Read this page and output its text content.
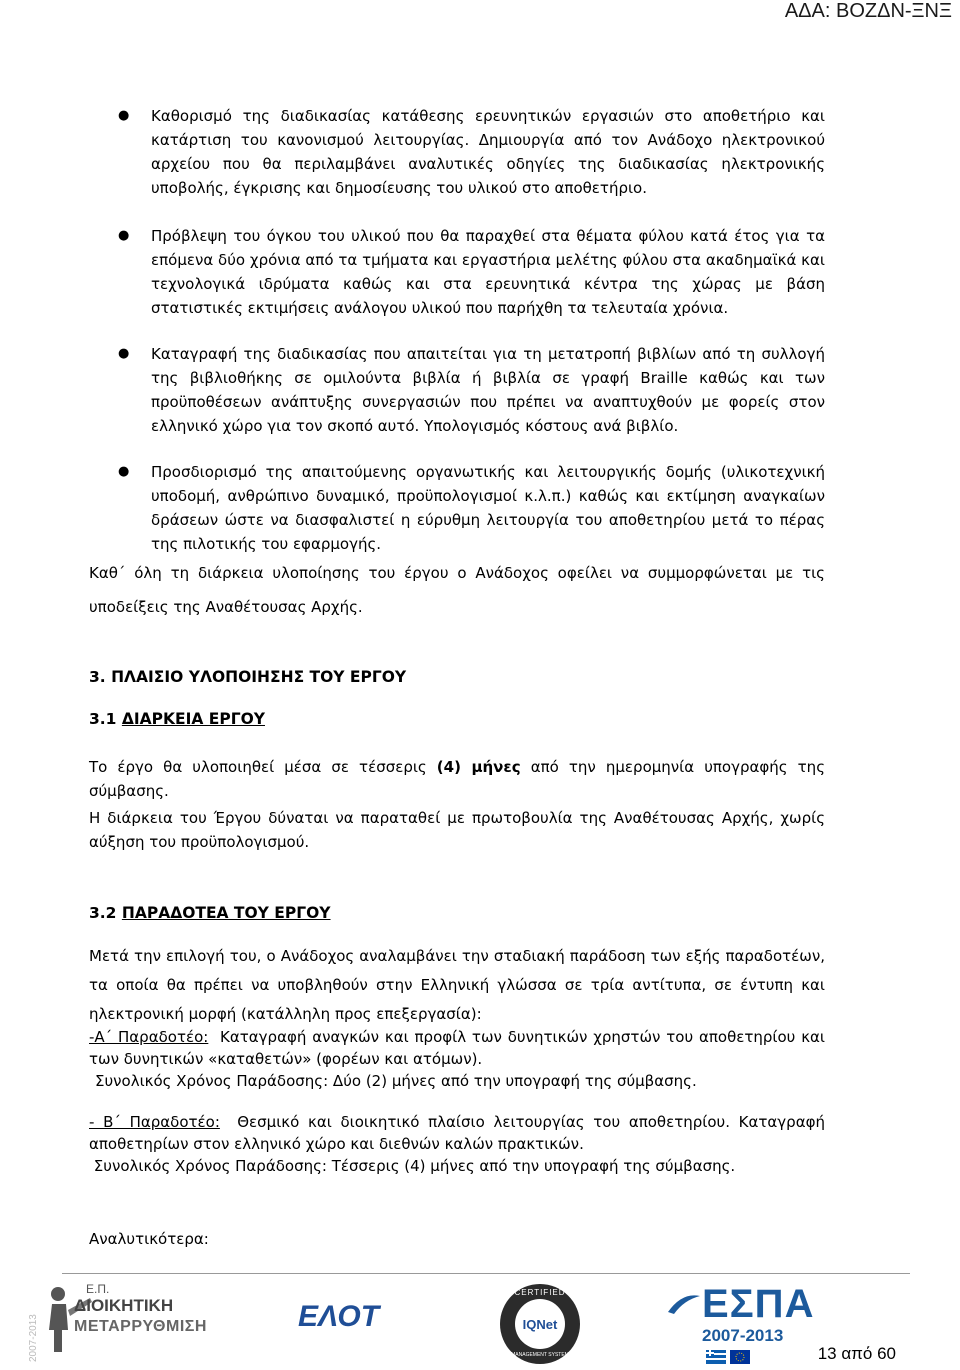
ΑΔΑ: ΒΟΖΔΝ-ΞΝΞ
● Καθορισμό της διαδικασίας κατάθεσης ερευνητικών εργασιών στο αποθετήριο και κατάρτιση του κανονισμού λειτουργίας. Δημιουργία από τον Ανάδοχο ηλεκτρονικού αρχείου που θα περιλαμβάνει αναλυτικές οδηγίες της διαδικασίας ηλεκτρονικής υποβολής, έγκρισης και δημοσίευσης του υλικού στο αποθετήριο.
● Πρόβλεψη του όγκου του υλικού που θα παραχθεί στα θέματα φύλου κατά έτος για τα επόμενα δύο χρόνια από τα τμήματα και εργαστήρια μελέτης φύλου στα ακαδημαϊκά και τεχνολογικά ιδρύματα καθώς και στα ερευνητικά κέντρα της χώρας με βάση στατιστικές εκτιμήσεις ανάλογου υλικού που παρήχθη τα τελευταία χρόνια.
● Καταγραφή της διαδικασίας που απαιτείται για τη μετατροπή βιβλίων από τη συλλογή της βιβλιοθήκης σε ομιλούντα βιβλία ή βιβλία σε γραφή Braille καθώς και των προϋποθέσεων ανάπτυξης συνεργασιών που πρέπει να αναπτυχθούν με φορείς στον ελληνικό χώρο για τον σκοπό αυτό. Υπολογισμός κόστους ανά βιβλίο.
● Προσδιορισμό της απαιτούμενης οργανωτικής και λειτουργικής δομής (υλικοτεχνική υποδομή, ανθρώπινο δυναμικό, προϋπολογισμοί κ.λ.π.) καθώς και εκτίμηση αναγκαίων δράσεων ώστε να διασφαλιστεί η εύρυθμη λειτουργία του αποθετηρίου μετά το πέρας της πιλοτικής του εφαρμογής.
Καθ΄ όλη τη διάρκεια υλοποίησης του έργου ο Ανάδοχος οφείλει να συμμορφώνεται με τις υποδείξεις της Αναθέτουσας Αρχής.
3. ΠΛΑΙΣΙΟ ΥΛΟΠΟΙΗΣΗΣ ΤΟΥ ΕΡΓΟΥ
3.1 ΔΙΑΡΚΕΙΑ ΕΡΓΟΥ
Το έργο θα υλοποιηθεί μέσα σε τέσσερις (4) μήνες από την ημερομηνία υπογραφής της σύμβασης.
Η διάρκεια του Έργου δύναται να παραταθεί με πρωτοβουλία της Αναθέτουσας Αρχής, χωρίς αύξηση του προϋπολογισμού.
3.2 ΠΑΡΑΔΟΤΕΑ ΤΟΥ ΕΡΓΟΥ
Μετά την επιλογή του, ο Ανάδοχος αναλαμβάνει την σταδιακή παράδοση των εξής παραδοτέων, τα οποία θα πρέπει να υποβληθούν στην Ελληνική γλώσσα σε τρία αντίτυπα, σε έντυπη και ηλεκτρονική μορφή (κατάλληλη προς επεξεργασία):
-Α΄ Παραδοτέο: Καταγραφή αναγκών και προφίλ των δυνητικών χρηστών του αποθετηρίου και των δυνητικών «καταθετών» (φορέων και ατόμων).
Συνολικός Χρόνος Παράδοσης: Δύο (2) μήνες από την υπογραφή της σύμβασης.
- Β΄ Παραδοτέο: Θεσμικό και διοικητικό πλαίσιο λειτουργίας του αποθετηρίου. Καταγραφή αποθετηρίων στον ελληνικό χώρο και διεθνών καλών πρακτικών.
Συνολικός Χρόνος Παράδοσης: Τέσσερις (4) μήνες από την υπογραφή της σύμβασης.
Αναλυτικότερα:
2007-2013
Ε.Π.
ΔΙΟΙΚΗΤΙΚΗ
ΜΕΤΑΡΡΥΘΜΙΣΗ	ΕΛΟΤ
CERTIFIED
IQNet
MANAGEMENT SYSTEM
ΕΣΠΑ
2007-2013
13 από 60
